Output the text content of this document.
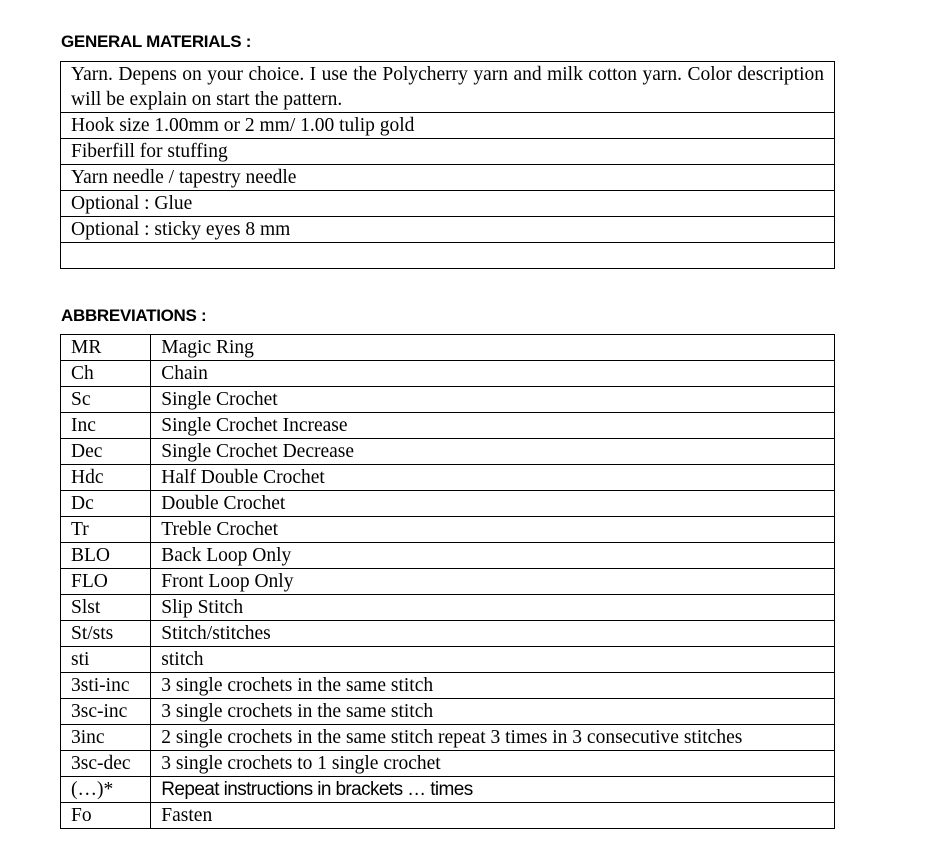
GENERAL MATERIALS :
Yarn. Depens on your choice. I use the Polycherry yarn and milk cotton yarn. Color description will be explain on start the pattern.
Hook size 1.00mm or 2 mm/ 1.00 tulip gold
Fiberfill for stuffing
Yarn needle / tapestry needle
Optional : Glue
Optional : sticky eyes 8 mm

ABBREVIATIONS :
MR	Magic Ring
Ch	Chain
Sc	Single Crochet
Inc	Single Crochet Increase
Dec	Single Crochet Decrease
Hdc	Half Double Crochet
Dc	Double Crochet
Tr	Treble Crochet
BLO	Back Loop Only
FLO	Front Loop Only
Slst	Slip Stitch
St/sts	Stitch/stitches
sti	stitch
3sti-inc	3 single crochets in the same stitch
3sc-inc	3 single crochets in the same stitch
3inc	2 single crochets in the same stitch repeat 3 times in 3 consecutive stitches
3sc-dec	3 single crochets to 1 single crochet
(…)*	Repeat instructions in brackets … times
Fo	Fasten
